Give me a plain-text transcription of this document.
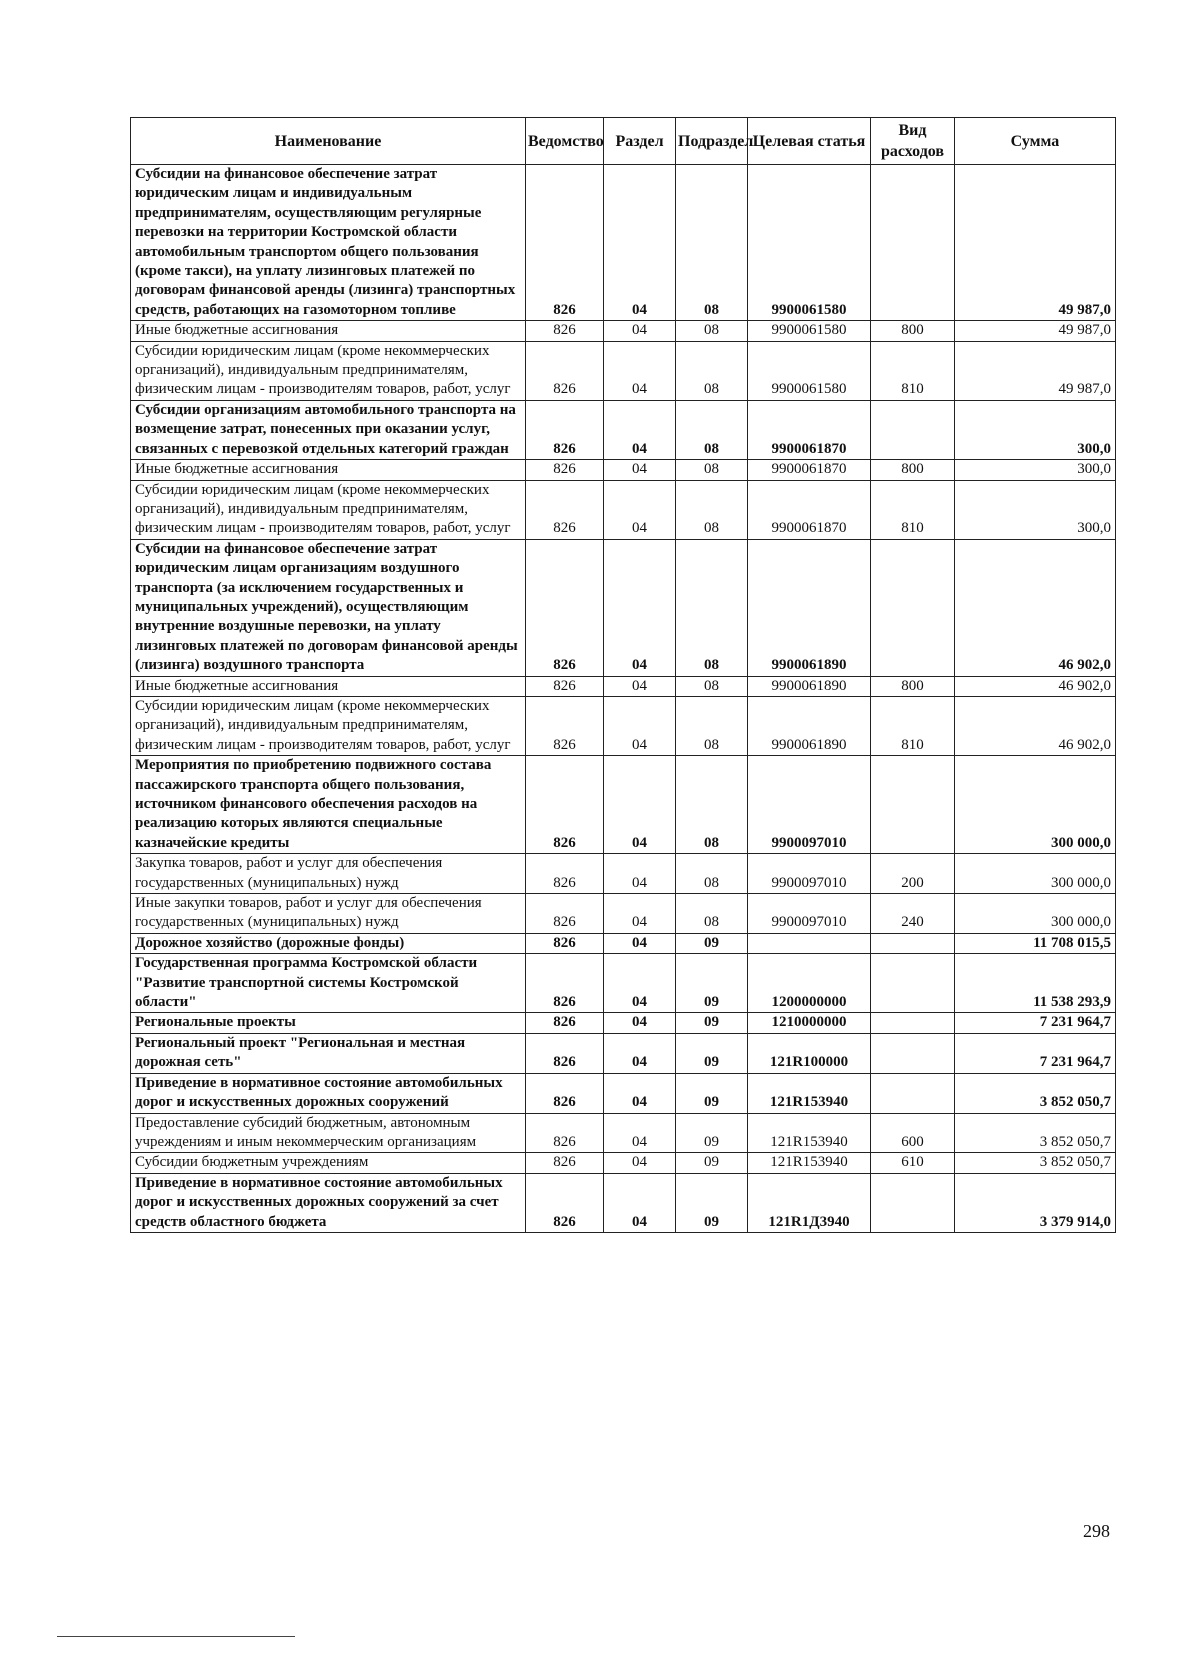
Наименование	Ведомство	Раздел	Подраздел	Целевая статья	Вид расходов	Сумма
Субсидии на финансовое обеспечение затрат юридическим лицам и индивидуальным предпринимателям, осуществляющим регулярные перевозки на территории Костромской области автомобильным транспортом общего пользования (кроме такси), на уплату лизинговых платежей по договорам финансовой аренды (лизинга) транспортных средств, работающих на газомоторном топливе	826	04	08	9900061580		49 987,0
Иные бюджетные ассигнования	826	04	08	9900061580	800	49 987,0
Субсидии юридическим лицам (кроме некоммерческих организаций), индивидуальным предпринимателям, физическим лицам - производителям товаров, работ, услуг	826	04	08	9900061580	810	49 987,0
Субсидии организациям автомобильного транспорта на возмещение затрат, понесенных при оказании услуг, связанных с перевозкой отдельных категорий граждан	826	04	08	9900061870		300,0
Иные бюджетные ассигнования	826	04	08	9900061870	800	300,0
Субсидии юридическим лицам (кроме некоммерческих организаций), индивидуальным предпринимателям, физическим лицам - производителям товаров, работ, услуг	826	04	08	9900061870	810	300,0
Субсидии на финансовое обеспечение затрат юридическим лицам организациям воздушного транспорта (за исключением государственных и муниципальных учреждений), осуществляющим внутренние воздушные перевозки, на уплату лизинговых платежей по договорам финансовой аренды (лизинга) воздушного транспорта	826	04	08	9900061890		46 902,0
Иные бюджетные ассигнования	826	04	08	9900061890	800	46 902,0
Субсидии юридическим лицам (кроме некоммерческих организаций), индивидуальным предпринимателям, физическим лицам - производителям товаров, работ, услуг	826	04	08	9900061890	810	46 902,0
Мероприятия по приобретению подвижного состава пассажирского транспорта общего пользования, источником финансового обеспечения расходов на реализацию которых являются специальные казначейские кредиты	826	04	08	9900097010		300 000,0
Закупка товаров, работ и услуг для обеспечения государственных (муниципальных) нужд	826	04	08	9900097010	200	300 000,0
Иные закупки товаров, работ и услуг для обеспечения государственных (муниципальных) нужд	826	04	08	9900097010	240	300 000,0
Дорожное хозяйство (дорожные фонды)	826	04	09			11 708 015,5
Государственная программа Костромской области "Развитие транспортной системы Костромской области"	826	04	09	1200000000		11 538 293,9
Региональные проекты	826	04	09	1210000000		7 231 964,7
Региональный проект "Региональная и местная дорожная сеть"	826	04	09	121R100000		7 231 964,7
Приведение в нормативное состояние автомобильных дорог и искусственных дорожных сооружений	826	04	09	121R153940		3 852 050,7
Предоставление субсидий бюджетным, автономным учреждениям и иным некоммерческим организациям	826	04	09	121R153940	600	3 852 050,7
Субсидии бюджетным учреждениям	826	04	09	121R153940	610	3 852 050,7
Приведение в нормативное состояние автомобильных дорог и искусственных дорожных сооружений за счет средств областного бюджета	826	04	09	121R1Д3940		3 379 914,0
298
